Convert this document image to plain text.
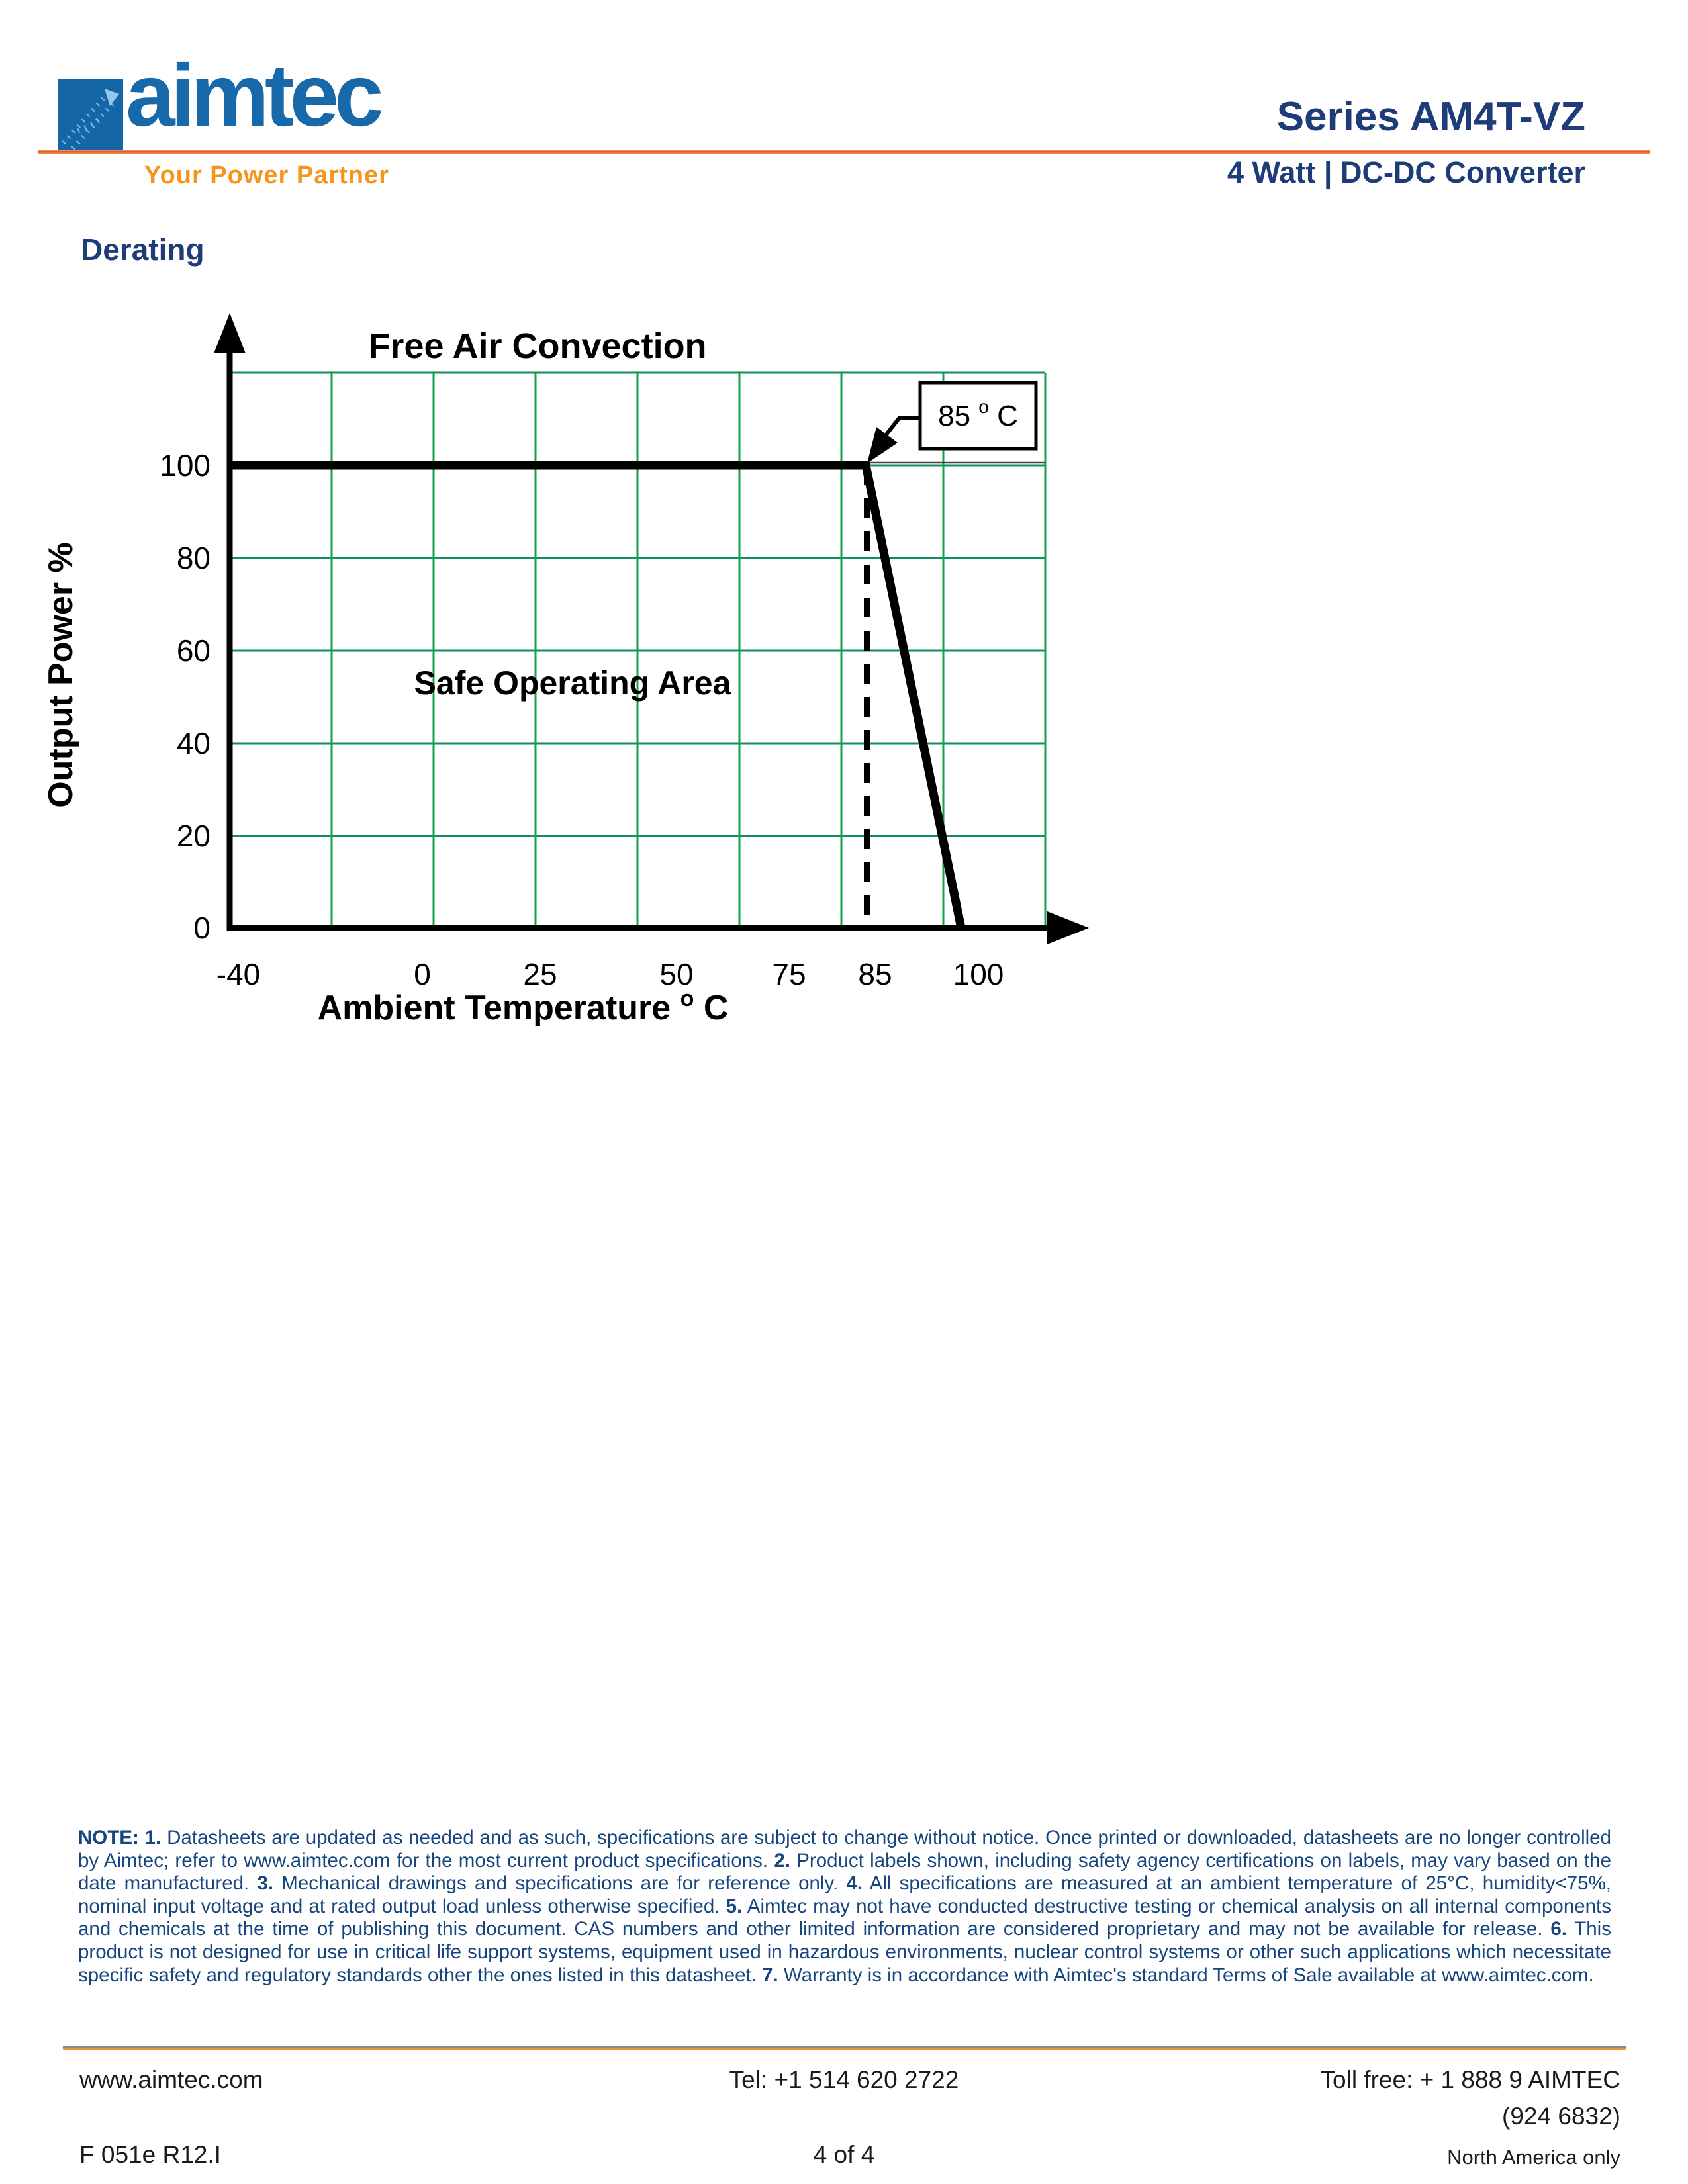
aimtec
Your Power Partner
Series AM4T-VZ
4 Watt | DC-DC Converter
Derating
100
80
60
40
20
0
-40	0	25	50	75 85 100
Free Air Convection
Safe Operating Area
Ambient Temperature $^o$ C
Output Power %
85 $^o$ C
NOTE: 1. Datasheets are updated as needed and as such, specifications are subject to change without notice. Once printed or downloaded, datasheets are no longer controlled by Aimtec; refer to www.aimtec.com for the most current product specifications. 2. Product labels shown, including safety agency certifications on labels, may vary based on the date manufactured. 3. Mechanical drawings and specifications are for reference only. 4. All specifications are measured at an ambient temperature of 25°C, humidity<75%, nominal input voltage and at rated output load unless otherwise specified. 5. Aimtec may not have conducted destructive testing or chemical analysis on all internal components and chemicals at the time of publishing this document. CAS numbers and other limited information are considered proprietary and may not be available for release. 6. This product is not designed for use in critical life support systems, equipment used in hazardous environments, nuclear control systems or other such applications which necessitate specific safety and regulatory standards other the ones listed in this datasheet. 7. Warranty is in accordance with Aimtec's standard Terms of Sale available at www.aimtec.com.
www.aimtec.com	Tel: +1 514 620 2722	Toll free: + 1 888 9 AIMTEC
(924 6832)
F 051e R12.I	4 of 4	North America only
